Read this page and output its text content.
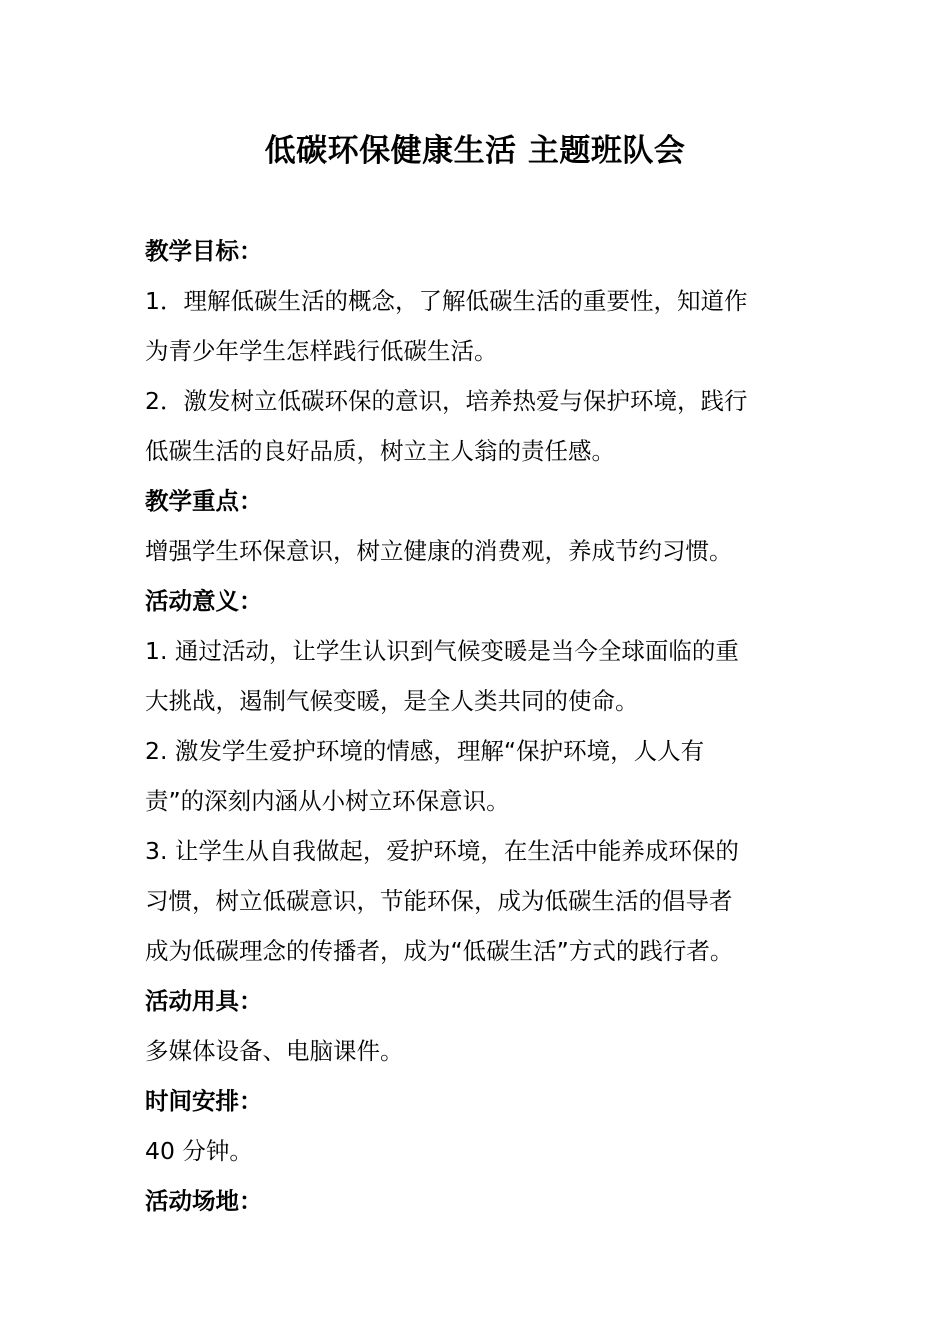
低碳环保健康生活 主题班队会
教学目标：
1．理解低碳生活的概念，了解低碳生活的重要性，知道作
为青少年学生怎样践行低碳生活。
2．激发树立低碳环保的意识，培养热爱与保护环境，践行
低碳生活的良好品质，树立主人翁的责任感。
教学重点：
增强学生环保意识，树立健康的消费观，养成节约习惯。
活动意义：
1. 通过活动，让学生认识到气候变暖是当今全球面临的重
大挑战，遏制气候变暖，是全人类共同的使命。
2. 激发学生爱护环境的情感，理解“保护环境，人人有
责”的深刻内涵从小树立环保意识。
3. 让学生从自我做起，爱护环境，在生活中能养成环保的
习惯，树立低碳意识，节能环保，成为低碳生活的倡导者
成为低碳理念的传播者，成为“低碳生活”方式的践行者。
活动用具：
多媒体设备、电脑课件。
时间安排：
40 分钟。
活动场地：
